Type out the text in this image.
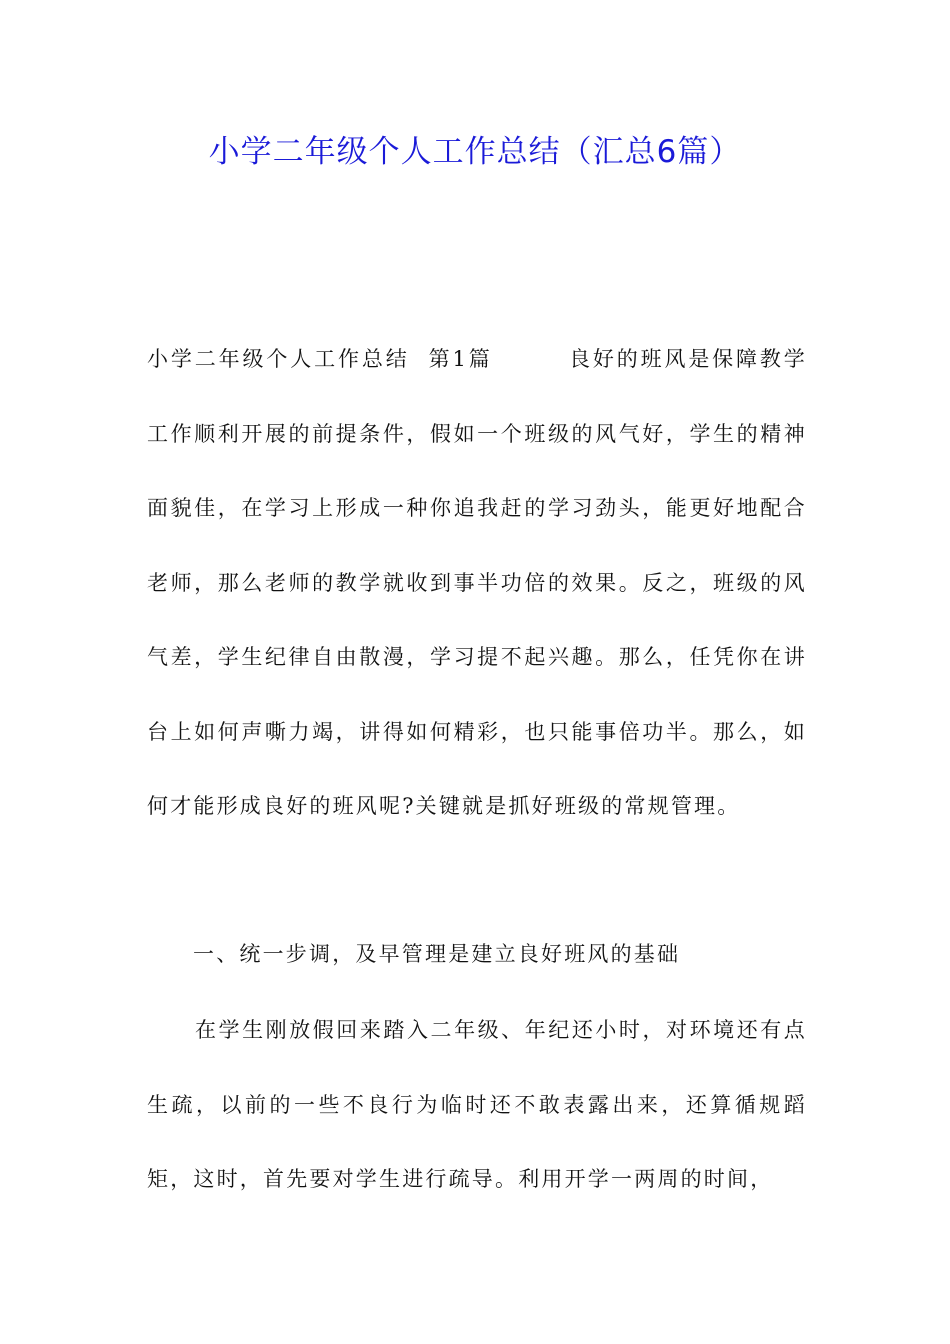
小学二年级个人工作总结（汇总6篇）
小学二年级个人工作总结  第1篇        良好的班风是保障教学工作顺利开展的前提条件，假如一个班级的风气好，学生的精神面貌佳，在学习上形成一种你追我赶的学习劲头，能更好地配合老师，那么老师的教学就收到事半功倍的效果。反之，班级的风气差，学生纪律自由散漫，学习提不起兴趣。那么，任凭你在讲台上如何声嘶力竭，讲得如何精彩，也只能事倍功半。那么，如何才能形成良好的班风呢?关键就是抓好班级的常规管理。
一、统一步调，及早管理是建立良好班风的基础
在学生刚放假回来踏入二年级、年纪还小时，对环境还有点生疏，以前的一些不良行为临时还不敢表露出来，还算循规蹈矩，这时，首先要对学生进行疏导。利用开学一两周的时间，
